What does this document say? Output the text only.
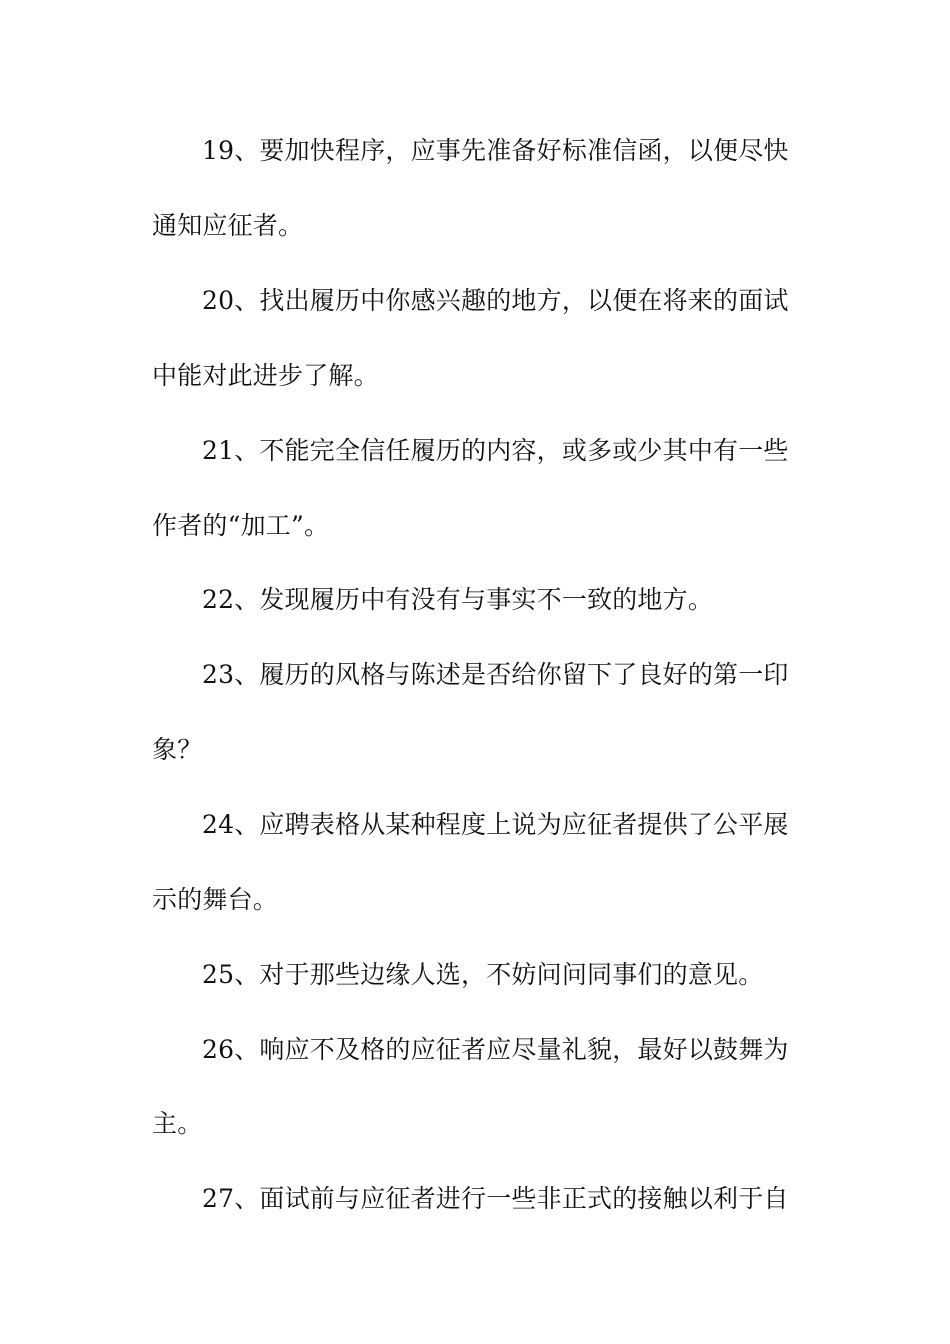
19、要加快程序，应事先准备好标准信函，以便尽快
通知应征者。
20、找出履历中你感兴趣的地方，以便在将来的面试
中能对此进步了解。
21、不能完全信任履历的内容，或多或少其中有一些
作者的“加工”。
22、发现履历中有没有与事实不一致的地方。
23、履历的风格与陈述是否给你留下了良好的第一印
象？
24、应聘表格从某种程度上说为应征者提供了公平展
示的舞台。
25、对于那些边缘人选，不妨问问同事们的意见。
26、响应不及格的应征者应尽量礼貌，最好以鼓舞为
主。
27、面试前与应征者进行一些非正式的接触以利于自
